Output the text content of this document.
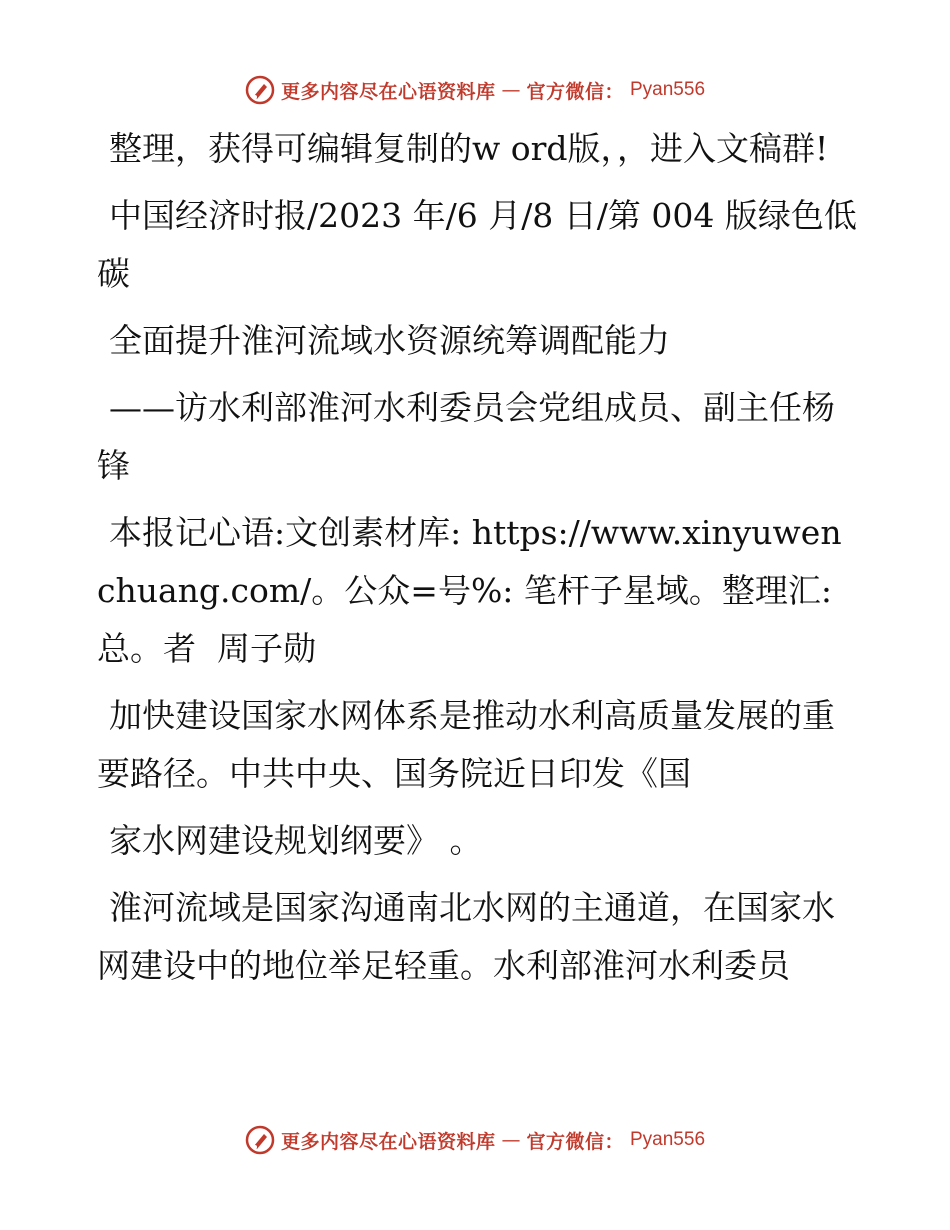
更多内容尽在心语资料库 — 官方微信： Pyan556

整理，获得可编辑复制的w ord版，，进入文稿群!

中国经济时报/2023 年/6 月/8 日/第 004 版绿色低碳

全面提升淮河流域水资源统筹调配能力

——访水利部淮河水利委员会党组成员、副主任杨锋

本报记心语:文创素材库: https://www.xinyuwenchuang.com/。公众=号%: 笔杆子星域。整理汇:总。者  周子勋

加快建设国家水网体系是推动水利高质量发展的重要路径。中共中央、国务院近日印发《国

家水网建设规划纲要》 。

淮河流域是国家沟通南北水网的主通道，在国家水网建设中的地位举足轻重。水利部淮河水利委员

更多内容尽在心语资料库 — 官方微信： Pyan556
